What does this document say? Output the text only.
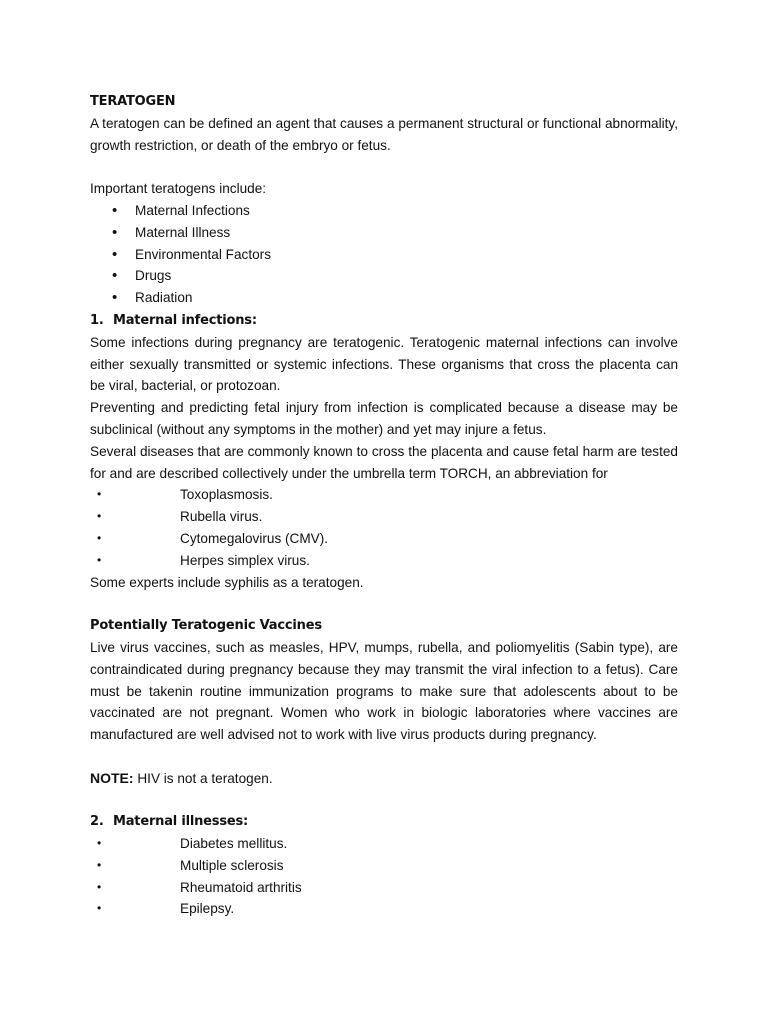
TERATOGEN

A teratogen can be defined an agent that causes a permanent structural or functional abnormality, growth restriction, or death of the embryo or fetus.

Important teratogens include:
• Maternal Infections
• Maternal Illness
• Environmental Factors
• Drugs
• Radiation
1. Maternal infections:

Some infections during pregnancy are teratogenic. Teratogenic maternal infections can involve either sexually transmitted or systemic infections. These organisms that cross the placenta can be viral, bacterial, or protozoan.

Preventing and predicting fetal injury from infection is complicated because a disease may be subclinical (without any symptoms in the mother) and yet may injure a fetus.

Several diseases that are commonly known to cross the placenta and cause fetal harm are tested for and are described collectively under the umbrella term TORCH, an abbreviation for

• Toxoplasmosis.
• Rubella virus.
• Cytomegalovirus (CMV).
• Herpes simplex virus.
Some experts include syphilis as a teratogen.
Potentially Teratogenic Vaccines

Live virus vaccines, such as measles, HPV, mumps, rubella, and poliomyelitis (Sabin type), are contraindicated during pregnancy because they may transmit the viral infection to a fetus). Care must be takenin routine immunization programs to make sure that adolescents about to be vaccinated are not pregnant. Women who work in biologic laboratories where vaccines are manufactured are well advised not to work with live virus products during pregnancy.

NOTE: HIV is not a teratogen.
2. Maternal illnesses:
• Diabetes mellitus.
• Multiple sclerosis
• Rheumatoid arthritis
• Epilepsy.
